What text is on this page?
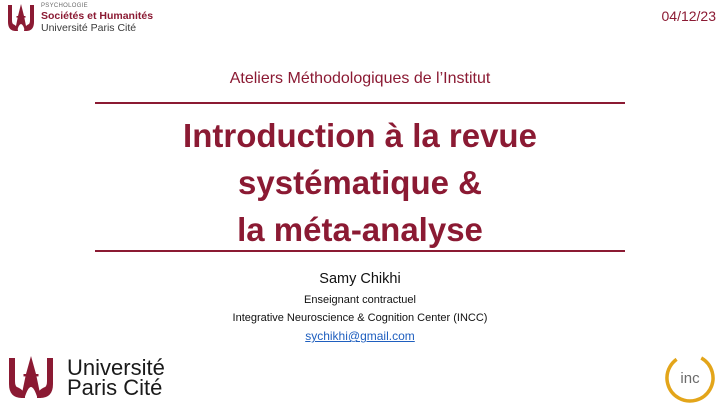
PSYCHOLOGIE
Sociétés et Humanités
Université Paris Cité
04/12/23
Ateliers Méthodologiques de l’Institut
Introduction à la revue
systématique &
la méta-analyse
Samy Chikhi
Enseignant contractuel
Integrative Neuroscience & Cognition Center (INCC)
sychikhi@gmail.com
Université
Paris Cité	inc
